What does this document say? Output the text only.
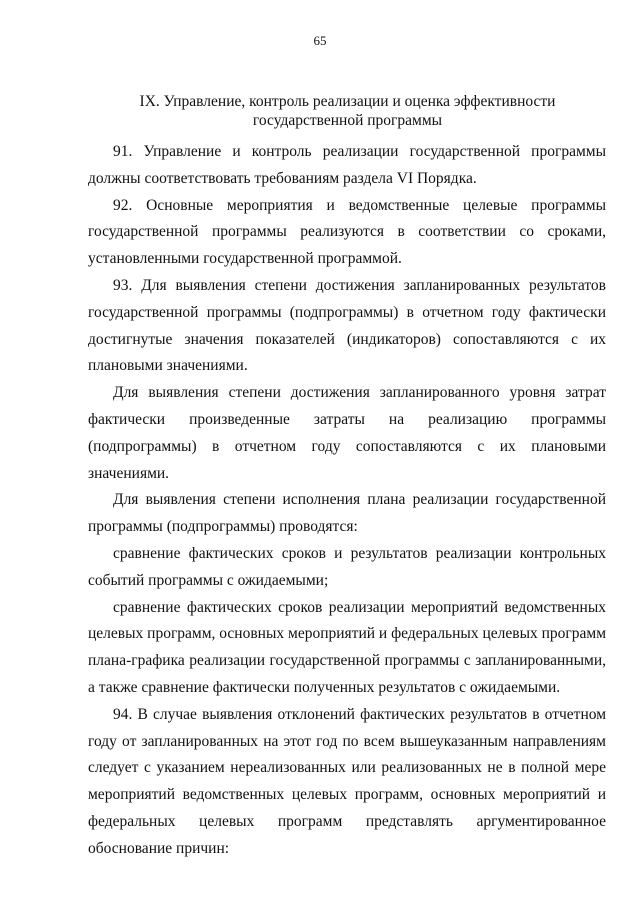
65
IX. Управление, контроль реализации и оценка эффективности
государственной программы

91. Управление и контроль реализации государственной программы должны соответствовать требованиям раздела VI Порядка.

92. Основные мероприятия и ведомственные целевые программы государственной программы реализуются в соответствии со сроками, установленными государственной программой.

93. Для выявления степени достижения запланированных результатов государственной программы (подпрограммы) в отчетном году фактически достигнутые значения показателей (индикаторов) сопоставляются с их плановыми значениями.

Для выявления степени достижения запланированного уровня затрат фактически произведенные затраты на реализацию программы (подпрограммы) в отчетном году сопоставляются с их плановыми значениями.

Для выявления степени исполнения плана реализации государственной программы (подпрограммы) проводятся:

сравнение фактических сроков и результатов реализации контрольных событий программы с ожидаемыми;

сравнение фактических сроков реализации мероприятий ведомственных целевых программ, основных мероприятий и федеральных целевых программ плана-графика реализации государственной программы с запланированными, а также сравнение фактически полученных результатов с ожидаемыми.

94. В случае выявления отклонений фактических результатов в отчетном году от запланированных на этот год по всем вышеуказанным направлениям следует с указанием нереализованных или реализованных не в полной мере мероприятий ведомственных целевых программ, основных мероприятий и федеральных целевых программ представлять аргументированное обоснование причин:
